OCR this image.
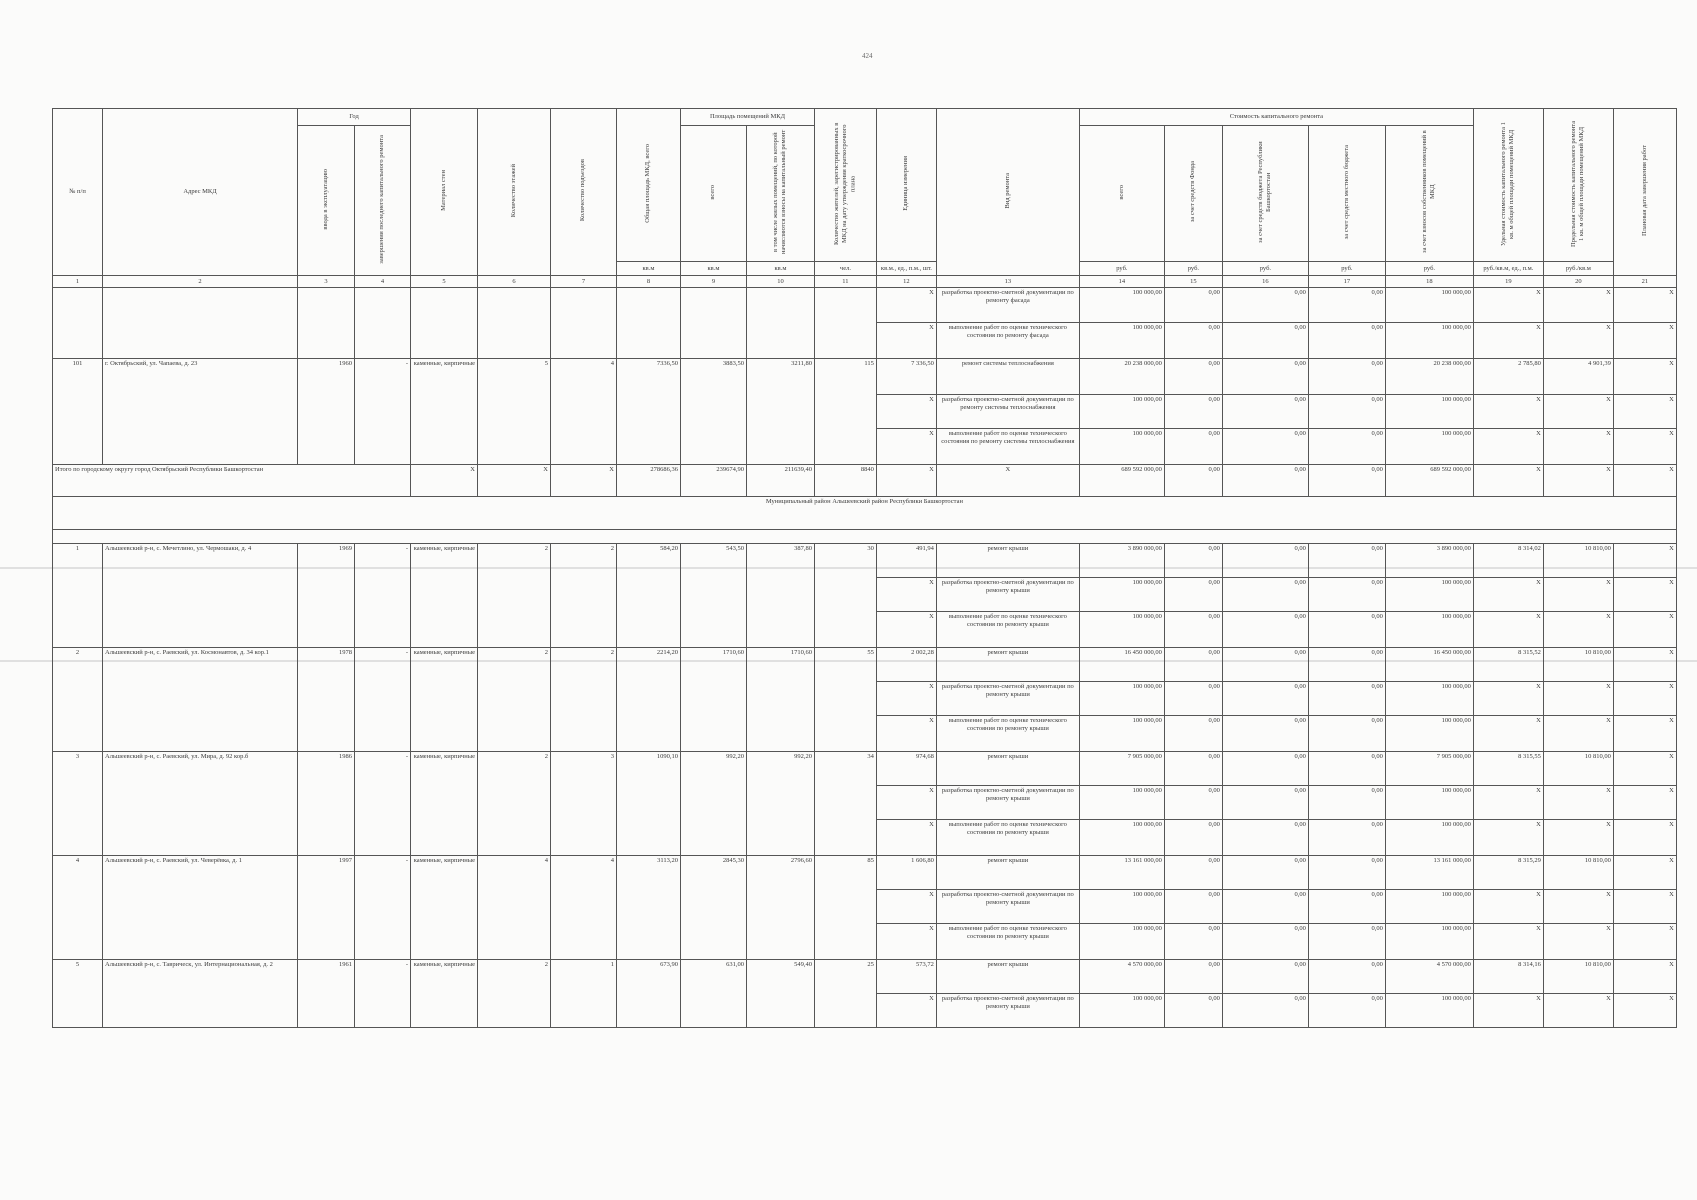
424
№ п/п	Адрес МКД	Год		Материал стен	Количество этажей	Количество подъездов	Общая площадь МКД, всего	Площадь помещений МКД		Количество жителей, зарегистрированных в МКД на дату утверждения краткосрочного плана	Единица измерения	Вид ремонта	Стоимость капитального ремонта					Удельная стоимость капитального ремонта 1 кв. м общей площади помещений МКД	Предельная стоимость капитального ремонта 1 кв. м общей площади помещений МКД	Плановая дата завершения работ
		ввода в эксплуатацию	завершения последнего капитального ремонта					всего	в том числе жилых помещений, по которой начисляются взносы на капитальный ремонт				всего	за счет средств Фонда	за счет средств бюджета Республики Башкортостан	за счет средств местного бюджета	за счет взносов собственников помещений в МКД			
							кв.м	кв.м	кв.м	чел.	кв.м., ед., п.м., шт.		руб.	руб.	руб.	руб.	руб.	руб./кв.м, ед., п.м.	руб./кв.м	
1	2	3	4	5	6	7	8	9	10	11	12	13	14	15	16	17	18	19	20	21
											X	разработка проектно-сметной документации по ремонту фасада	100 000,00	0,00	0,00	0,00	100 000,00	X	X	X
											X	выполнение работ по оценке технического состояния по ремонту фасада	100 000,00	0,00	0,00	0,00	100 000,00	X	X	X
101	г. Октябрьский, ул. Чапаева, д. 23	1960	-	каменные, кирпичные	5	4	7336,50	3883,50	3211,80	115	7 336,50	ремонт системы теплоснабжения	20 238 000,00	0,00	0,00	0,00	20 238 000,00	2 785,80	4 901,39	X
											X	разработка проектно-сметной документации по ремонту системы теплоснабжения	100 000,00	0,00	0,00	0,00	100 000,00	X	X	X
											X	выполнение работ по оценке технического состояния по ремонту системы теплоснабжения	100 000,00	0,00	0,00	0,00	100 000,00	X	X	X
Итого по городскому округу город Октябрьский Республики Башкортостан				X	X	X	278686,36	239674,90	211639,40	8840	X	X	689 592 000,00	0,00	0,00	0,00	689 592 000,00	X	X	X
Муниципальный район Альшеевский район Республики Башкортостан																				

1	Альшеевский р-н, с. Мечетлино, ул. Чермошаки, д. 4	1969	-	каменные, кирпичные	2	2	584,20	543,50	387,80	30	491,94	ремонт крыши	3 890 000,00	0,00	0,00	0,00	3 890 000,00	8 314,02	10 810,00	X
											X	разработка проектно-сметной документации по ремонту крыши	100 000,00	0,00	0,00	0,00	100 000,00	X	X	X
											X	выполнение работ по оценке технического состояния по ремонту крыши	100 000,00	0,00	0,00	0,00	100 000,00	X	X	X
2	Альшеевский р-н, с. Раевский, ул. Космонавтов, д. 34 кор.1	1978	-	каменные, кирпичные	2	2	2214,20	1710,60	1710,60	55	2 002,28	ремонт крыши	16 450 000,00	0,00	0,00	0,00	16 450 000,00	8 315,52	10 810,00	X
											X	разработка проектно-сметной документации по ремонту крыши	100 000,00	0,00	0,00	0,00	100 000,00	X	X	X
											X	выполнение работ по оценке технического состояния по ремонту крыши	100 000,00	0,00	0,00	0,00	100 000,00	X	X	X
3	Альшеевский р-н, с. Раевский, ул. Мира, д. 92 кор.б	1986	-	каменные, кирпичные	2	3	1090,10	992,20	992,20	34	974,68	ремонт крыши	7 905 000,00	0,00	0,00	0,00	7 905 000,00	8 315,55	10 810,00	X
											X	разработка проектно-сметной документации по ремонту крыши	100 000,00	0,00	0,00	0,00	100 000,00	X	X	X
											X	выполнение работ по оценке технического состояния по ремонту крыши	100 000,00	0,00	0,00	0,00	100 000,00	X	X	X
4	Альшеевский р-н, с. Раевский, ул. Чеверёвка, д. 1	1997	-	каменные, кирпичные	4	4	3113,20	2845,30	2796,60	85	1 606,80	ремонт крыши	13 161 000,00	0,00	0,00	0,00	13 161 000,00	8 315,29	10 810,00	X
											X	разработка проектно-сметной документации по ремонту крыши	100 000,00	0,00	0,00	0,00	100 000,00	X	X	X
											X	выполнение работ по оценке технического состояния по ремонту крыши	100 000,00	0,00	0,00	0,00	100 000,00	X	X	X
5	Альшеевский р-н, с. Таврическ, ул. Интернациональная, д. 2	1961	-	каменные, кирпичные	2	1	673,90	631,00	549,40	25	573,72	ремонт крыши	4 570 000,00	0,00	0,00	0,00	4 570 000,00	8 314,16	10 810,00	X
											X	разработка проектно-сметной документации по ремонту крыши	100 000,00	0,00	0,00	0,00	100 000,00	X	X	X
